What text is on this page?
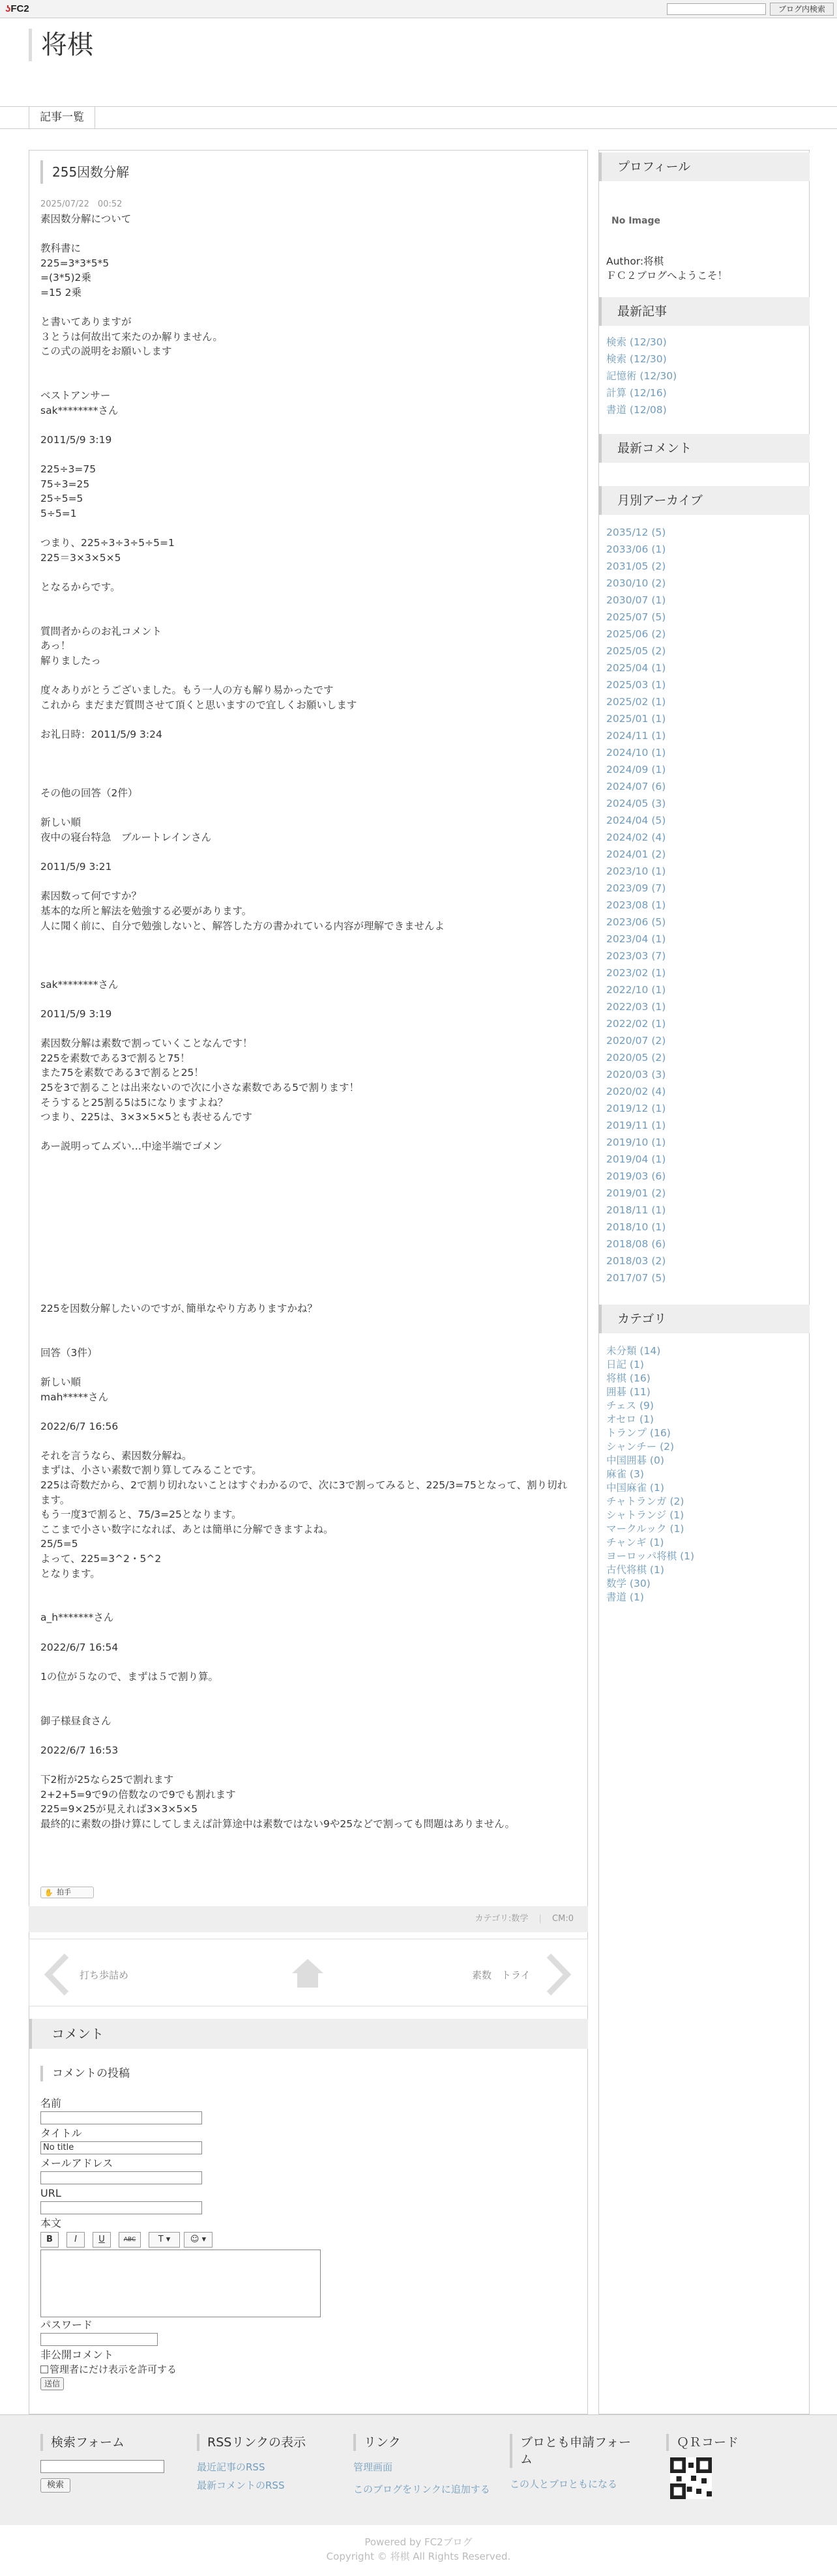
ʖFC2	ブログ内検索
将棋
記事一覧
255因数分解
2025/07/22　00:52
素因数分解について

教科書に
225=3*3*5*5
=(3*5)2乗
=15 2乗

と書いてありますが
３とうは何故出て来たのか解りません。
この式の説明をお願いします

ベストアンサー
sak********さん

2011/5/9 3:19

225÷3=75
75÷3=25
25÷5=5
5÷5=1

つまり、225÷3÷3÷5÷5=1
225＝3×3×5×5

となるからです。

質問者からのお礼コメント
あっ！
解りましたっ

度々ありがとうございました。もう一人の方も解り易かったです
これから まだまだ質問させて頂くと思いますので宜しくお願いします

お礼日時：2011/5/9 3:24

その他の回答（2件）

新しい順
夜中の寝台特急　ブルートレインさん

2011/5/9 3:21

素因数って何ですか？
基本的な所と解法を勉強する必要があります。
人に聞く前に、自分で勉強しないと、解答した方の書かれている内容が理解できませんよ

sak********さん

2011/5/9 3:19

素因数分解は素数で割っていくことなんです！
225を素数である3で割ると75！
また75を素数である3で割ると25！
25を3で割ることは出来ないので次に小さな素数である5で割ります！
そうすると25割る5は5になりますよね？
つまり、225は、3×3×5×5とも表せるんです

あー説明ってムズい…中途半端でゴメン

225を因数分解したいのですが､簡単なやり方ありますかね？

回答（3件）

新しい順
mah*****さん

2022/6/7 16:56

それを言うなら、素因数分解ね。
まずは、小さい素数で割り算してみることです。
225は奇数だから、2で割り切れないことはすぐわかるので、次に3で割ってみると、225/3=75となって、割り切れます。
もう一度3で割ると、75/3=25となります。
ここまで小さい数字になれば、あとは簡単に分解できますよね。
25/5=5
よって、225=3^2・5^2
となります。

a_h*******さん

2022/6/7 16:54

1の位が５なので、まずは５で割り算。

御子様昼食さん

2022/6/7 16:53

下2桁が25なら25で割れます
2+2+5=9で9の倍数なので9でも割れます
225=9×25が見えれば3×3×5×5
最終的に素数の掛け算にしてしまえば計算途中は素数ではない9や25などで割っても問題はありません。
✋ 拍手
カテゴリ:数学 | CM:0
打ち歩詰め	素数　トライ
コメント
コメントの投稿
名前
タイトル
No title
メールアドレス
URL
本文
B	I	U	ABC	T ▾	☺ ▾
パスワード
非公開コメント
管理者にだけ表示を許可する
送信
プロフィール
No Image
Author:将棋
ＦＣ２ブログへようこそ！
最新記事
検索 (12/30)
検索 (12/30)
記憶術 (12/30)
計算 (12/16)
書道 (12/08)
最新コメント
月別アーカイブ
2035/12 (5)
2033/06 (1)
2031/05 (2)
2030/10 (2)
2030/07 (1)
2025/07 (5)
2025/06 (2)
2025/05 (2)
2025/04 (1)
2025/03 (1)
2025/02 (1)
2025/01 (1)
2024/11 (1)
2024/10 (1)
2024/09 (1)
2024/07 (6)
2024/05 (3)
2024/04 (5)
2024/02 (4)
2024/01 (2)
2023/10 (1)
2023/09 (7)
2023/08 (1)
2023/06 (5)
2023/04 (1)
2023/03 (7)
2023/02 (1)
2022/10 (1)
2022/03 (1)
2022/02 (1)
2020/07 (2)
2020/05 (2)
2020/03 (3)
2020/02 (4)
2019/12 (1)
2019/11 (1)
2019/10 (1)
2019/04 (1)
2019/03 (6)
2019/01 (2)
2018/11 (1)
2018/10 (1)
2018/08 (6)
2018/03 (2)
2017/07 (5)
カテゴリ
未分類 (14)
日記 (1)
将棋 (16)
囲碁 (11)
チェス (9)
オセロ (1)
トランプ (16)
シャンチー (2)
中国囲碁 (0)
麻雀 (3)
中国麻雀 (1)
チャトランガ (2)
シャトランジ (1)
マークルック (1)
チャンギ (1)
ヨーロッパ将棋 (1)
古代将棋 (1)
数学 (30)
書道 (1)
検索フォーム
検索
RSSリンクの表示
最近記事のRSS
最新コメントのRSS
リンク
管理画面
このブログをリンクに追加する
ブロとも申請フォーム
この人とブロともになる
ＱＲコード
Powered by FC2ブログ
Copyright © 将棋 All Rights Reserved.
